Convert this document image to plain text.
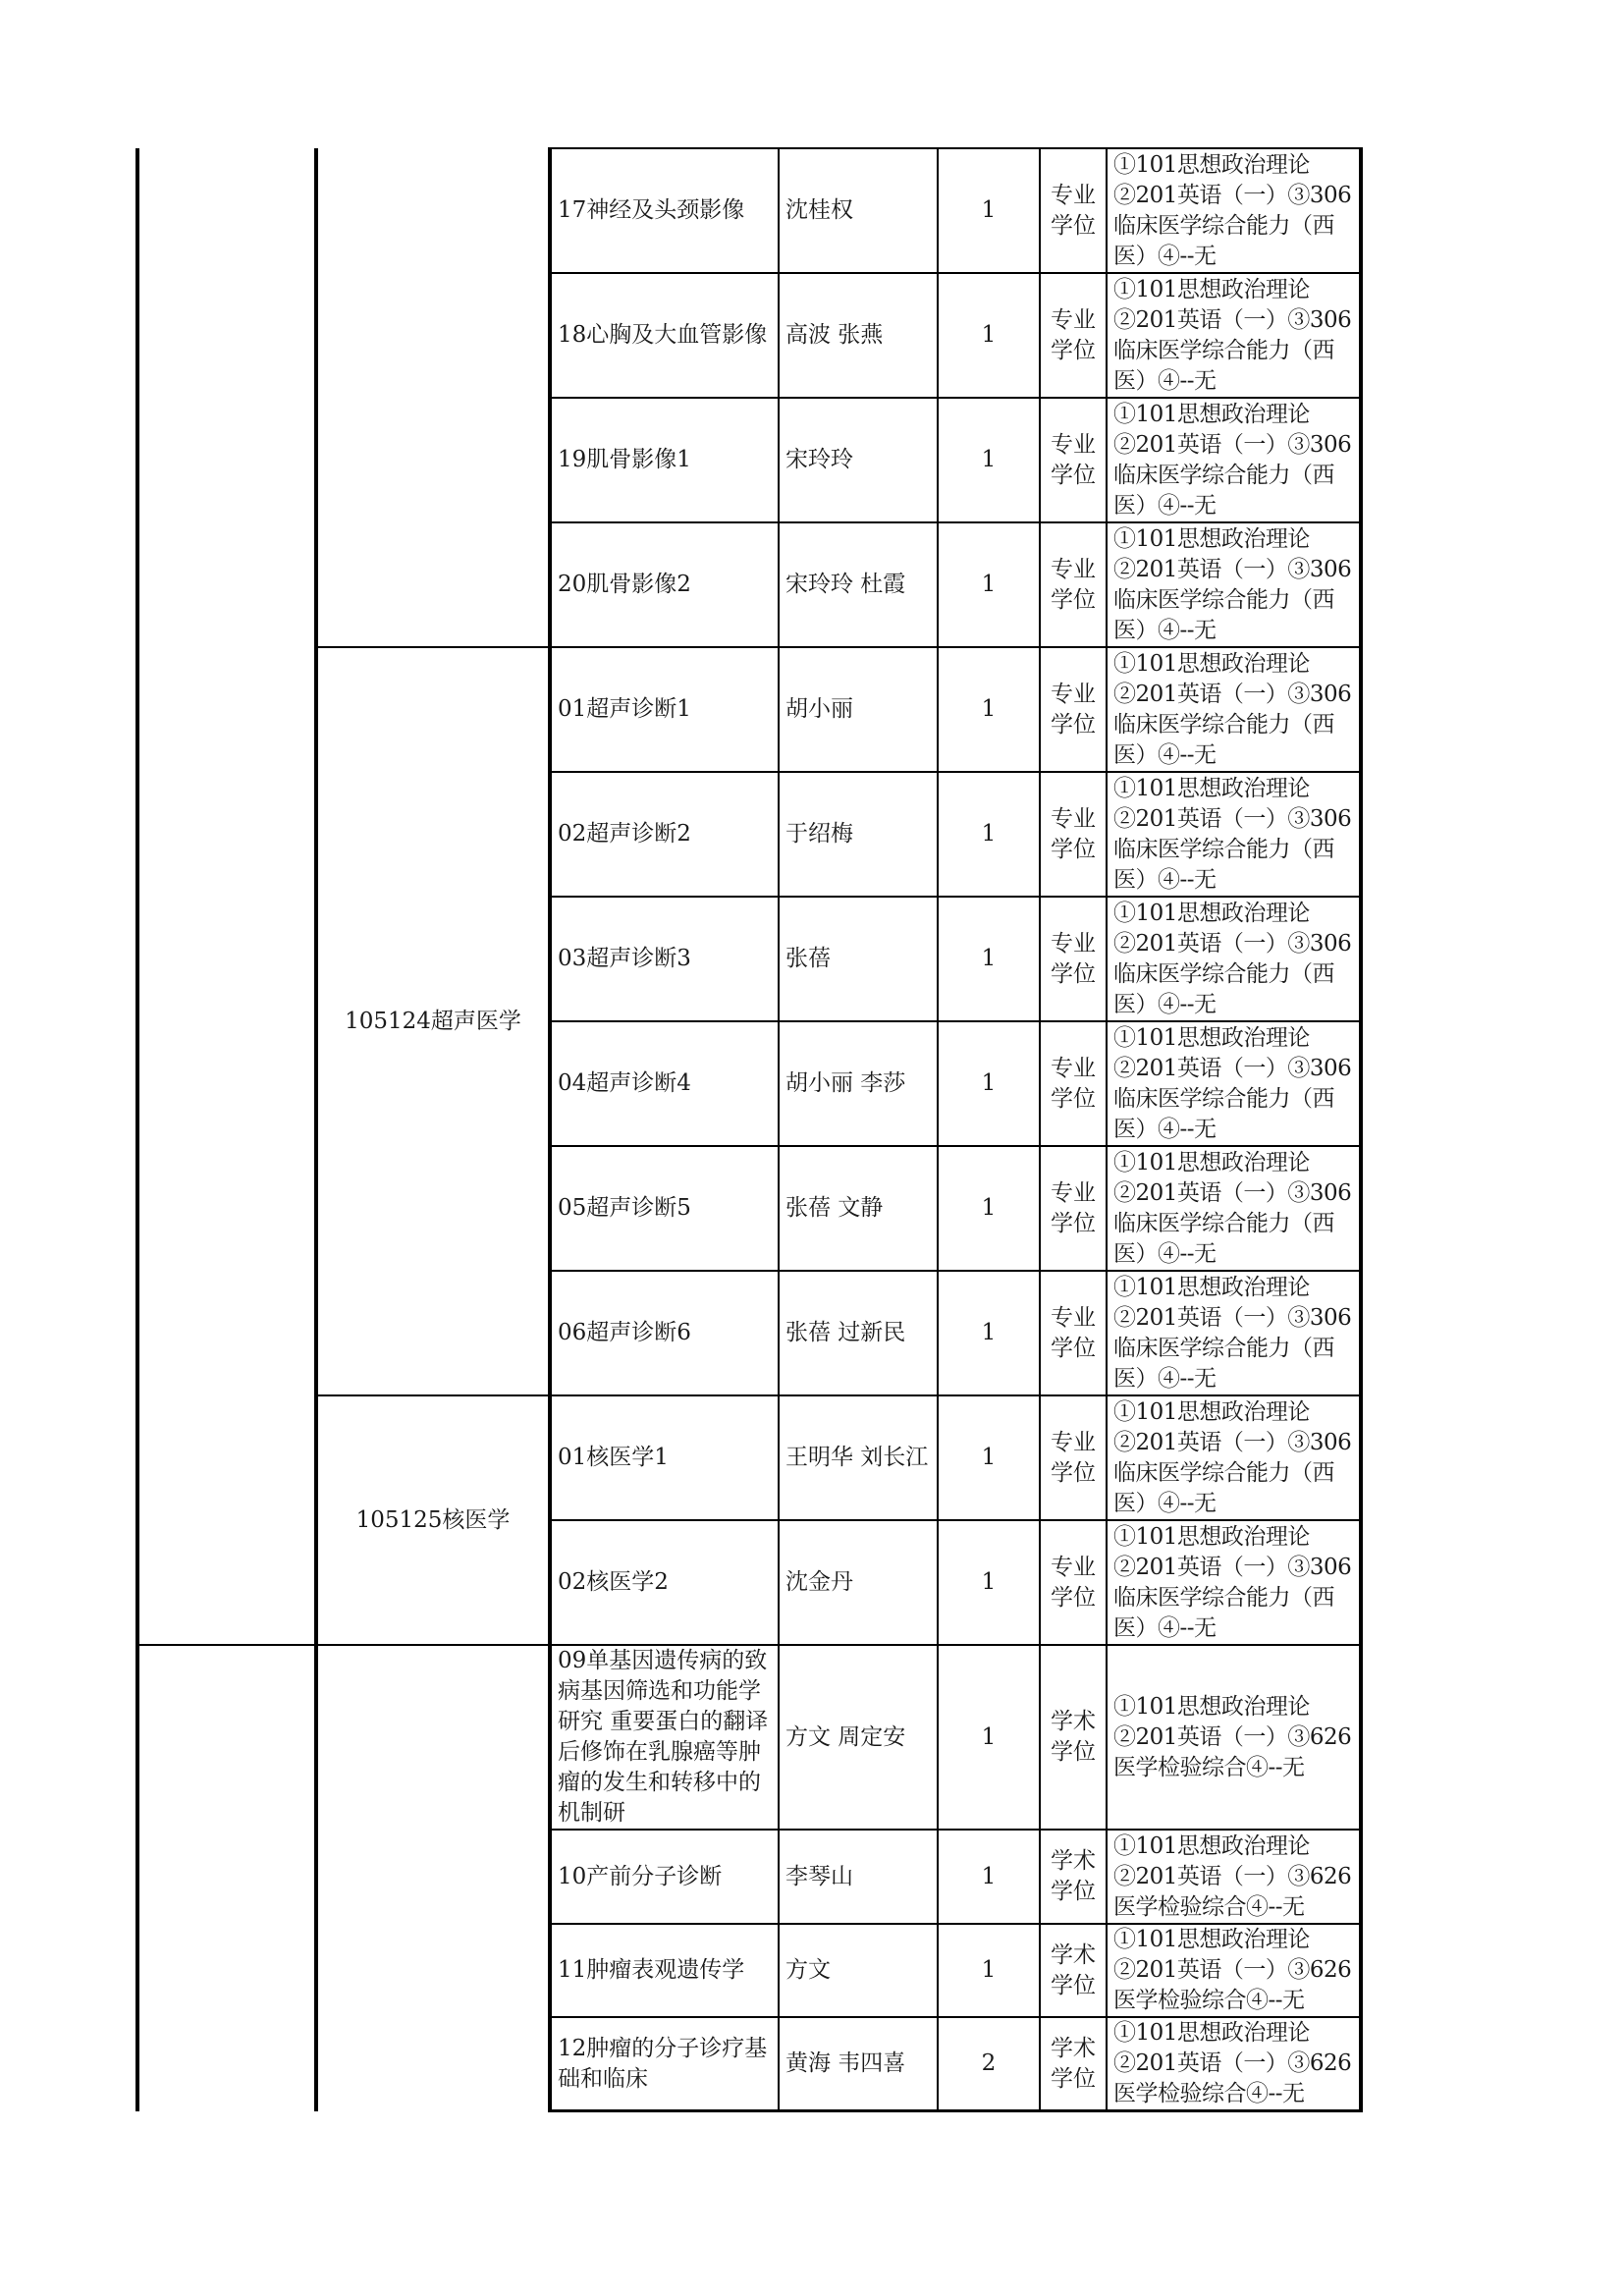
		17神经及头颈影像	沈桂权	1	专业学位	①101思想政治理论②201英语（一）③306临床医学综合能力（西医）④--无
		18心胸及大血管影像	高波 张燕	1	专业学位	①101思想政治理论②201英语（一）③306临床医学综合能力（西医）④--无
		19肌骨影像1	宋玲玲	1	专业学位	①101思想政治理论②201英语（一）③306临床医学综合能力（西医）④--无
		20肌骨影像2	宋玲玲 杜霞	1	专业学位	①101思想政治理论②201英语（一）③306临床医学综合能力（西医）④--无
	105124超声医学	01超声诊断1	胡小丽	1	专业学位	①101思想政治理论②201英语（一）③306临床医学综合能力（西医）④--无
		02超声诊断2	于绍梅	1	专业学位	①101思想政治理论②201英语（一）③306临床医学综合能力（西医）④--无
		03超声诊断3	张蓓	1	专业学位	①101思想政治理论②201英语（一）③306临床医学综合能力（西医）④--无
		04超声诊断4	胡小丽 李莎	1	专业学位	①101思想政治理论②201英语（一）③306临床医学综合能力（西医）④--无
		05超声诊断5	张蓓 文静	1	专业学位	①101思想政治理论②201英语（一）③306临床医学综合能力（西医）④--无
		06超声诊断6	张蓓 过新民	1	专业学位	①101思想政治理论②201英语（一）③306临床医学综合能力（西医）④--无
	105125核医学	01核医学1	王明华 刘长江	1	专业学位	①101思想政治理论②201英语（一）③306临床医学综合能力（西医）④--无
		02核医学2	沈金丹	1	专业学位	①101思想政治理论②201英语（一）③306临床医学综合能力（西医）④--无
		09单基因遗传病的致病基因筛选和功能学研究 重要蛋白的翻译后修饰在乳腺癌等肿瘤的发生和转移中的机制研	方文 周定安	1	学术学位	①101思想政治理论②201英语（一）③626医学检验综合④--无
		10产前分子诊断	李琴山	1	学术学位	①101思想政治理论②201英语（一）③626医学检验综合④--无
		11肿瘤表观遗传学	方文	1	学术学位	①101思想政治理论②201英语（一）③626医学检验综合④--无
		12肿瘤的分子诊疗基础和临床	黄海 韦四喜	2	学术学位	①101思想政治理论②201英语（一）③626医学检验综合④--无
